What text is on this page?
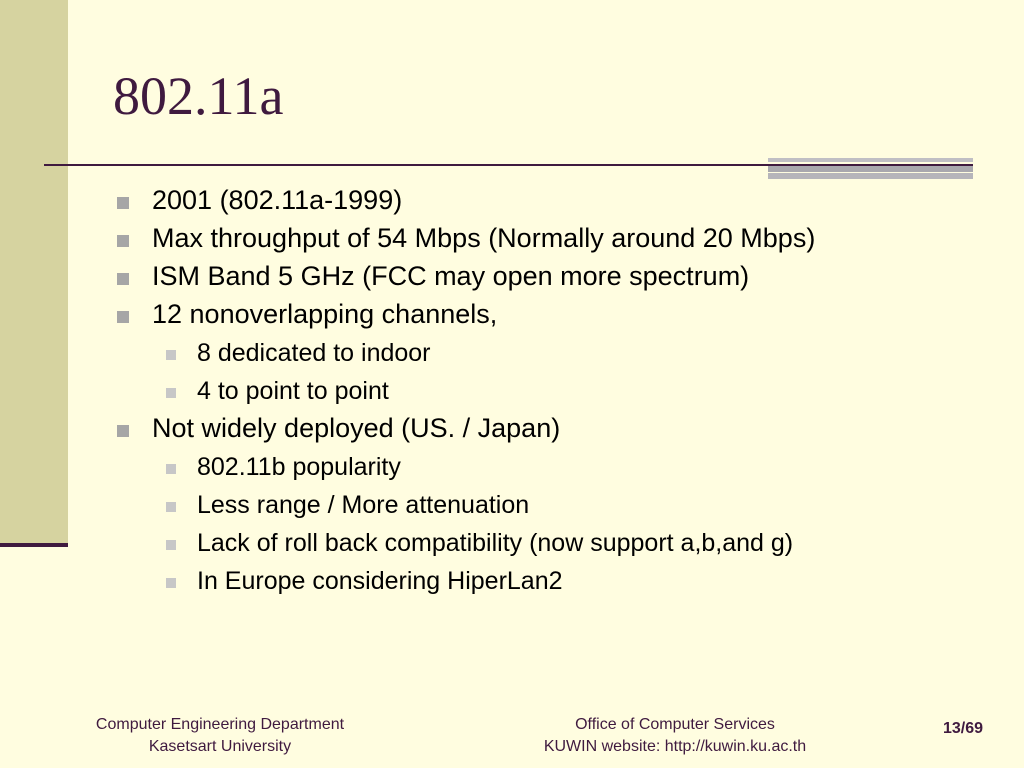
802.11a
2001 (802.11a-1999)
Max throughput of 54 Mbps (Normally around 20 Mbps)
ISM Band 5 GHz (FCC may open more spectrum)
12 nonoverlapping channels,
8 dedicated to indoor
4 to point to point
Not widely deployed (US. / Japan)
802.11b popularity
Less range / More attenuation
Lack of roll back compatibility (now support a,b,and g)
In Europe considering HiperLan2
Computer Engineering Department
Kasetsart University
Office of Computer Services
KUWIN website: http://kuwin.ku.ac.th
13/69
